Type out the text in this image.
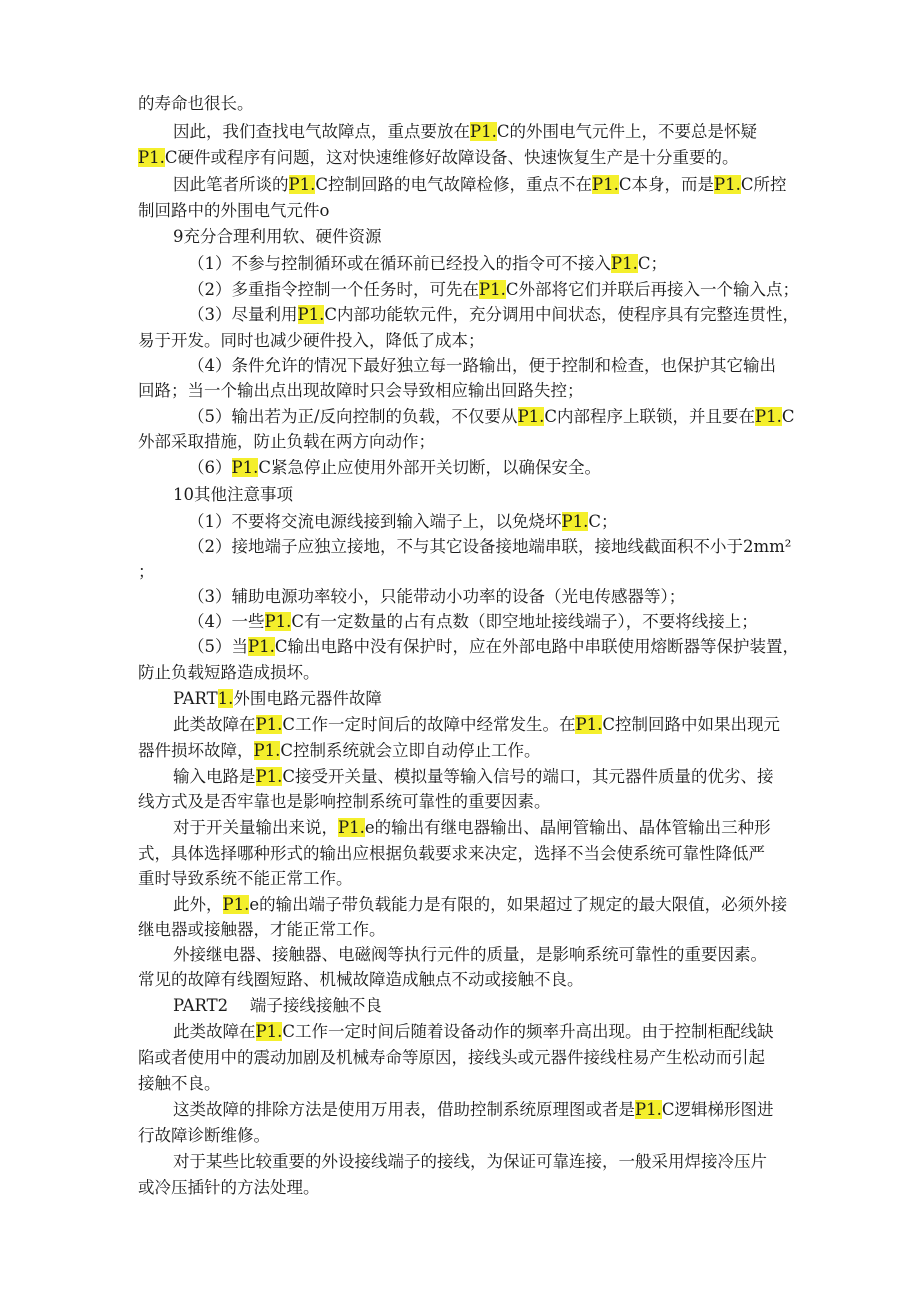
的寿命也很长。
因此，我们查找电气故障点，重点要放在P1.C的外围电气元件上，不要总是怀疑
P1.C硬件或程序有问题，这对快速维修好故障设备、快速恢复生产是十分重要的。
因此笔者所谈的P1.C控制回路的电气故障检修，重点不在P1.C本身，而是P1.C所控
制回路中的外围电气元件o
9充分合理利用软、硬件资源
（1）不参与控制循环或在循环前已经投入的指令可不接入P1.C；
（2）多重指令控制一个任务时，可先在P1.C外部将它们并联后再接入一个输入点；
（3）尽量利用P1.C内部功能软元件，充分调用中间状态，使程序具有完整连贯性，
易于开发。同时也减少硬件投入，降低了成本；
（4）条件允许的情况下最好独立每一路输出，便于控制和检查，也保护其它输出
回路；当一个输出点出现故障时只会导致相应输出回路失控；
（5）输出若为正/反向控制的负载，不仅要从P1.C内部程序上联锁，并且要在P1.C
外部采取措施，防止负载在两方向动作；
（6）P1.C紧急停止应使用外部开关切断，以确保安全。
10其他注意事项
（1）不要将交流电源线接到输入端子上，以免烧坏P1.C；
（2）接地端子应独立接地，不与其它设备接地端串联，接地线截面积不小于2mm²
；
（3）辅助电源功率较小，只能带动小功率的设备（光电传感器等）；
（4）一些P1.C有一定数量的占有点数（即空地址接线端子），不要将线接上；
（5）当P1.C输出电路中没有保护时，应在外部电路中串联使用熔断器等保护装置，
防止负载短路造成损坏。
PART1.外围电路元器件故障
此类故障在P1.C工作一定时间后的故障中经常发生。在P1.C控制回路中如果出现元
器件损坏故障，P1.C控制系统就会立即自动停止工作。
输入电路是P1.C接受开关量、模拟量等输入信号的端口，其元器件质量的优劣、接
线方式及是否牢靠也是影响控制系统可靠性的重要因素。
对于开关量输出来说，P1.e的输出有继电器输出、晶闸管输出、晶体管输出三种形
式，具体选择哪种形式的输出应根据负载要求来决定，选择不当会使系统可靠性降低严
重时导致系统不能正常工作。
此外，P1.e的输出端子带负载能力是有限的，如果超过了规定的最大限值，必须外接
继电器或接触器，才能正常工作。
外接继电器、接触器、电磁阀等执行元件的质量，是影响系统可靠性的重要因素。
常见的故障有线圈短路、机械故障造成触点不动或接触不良。
PART2　 端子接线接触不良
此类故障在P1.C工作一定时间后随着设备动作的频率升高出现。由于控制柜配线缺
陷或者使用中的震动加剧及机械寿命等原因，接线头或元器件接线柱易产生松动而引起
接触不良。
这类故障的排除方法是使用万用表，借助控制系统原理图或者是P1.C逻辑梯形图进
行故障诊断维修。
对于某些比较重要的外设接线端子的接线，为保证可靠连接，一般采用焊接冷压片
或冷压插针的方法处理。
